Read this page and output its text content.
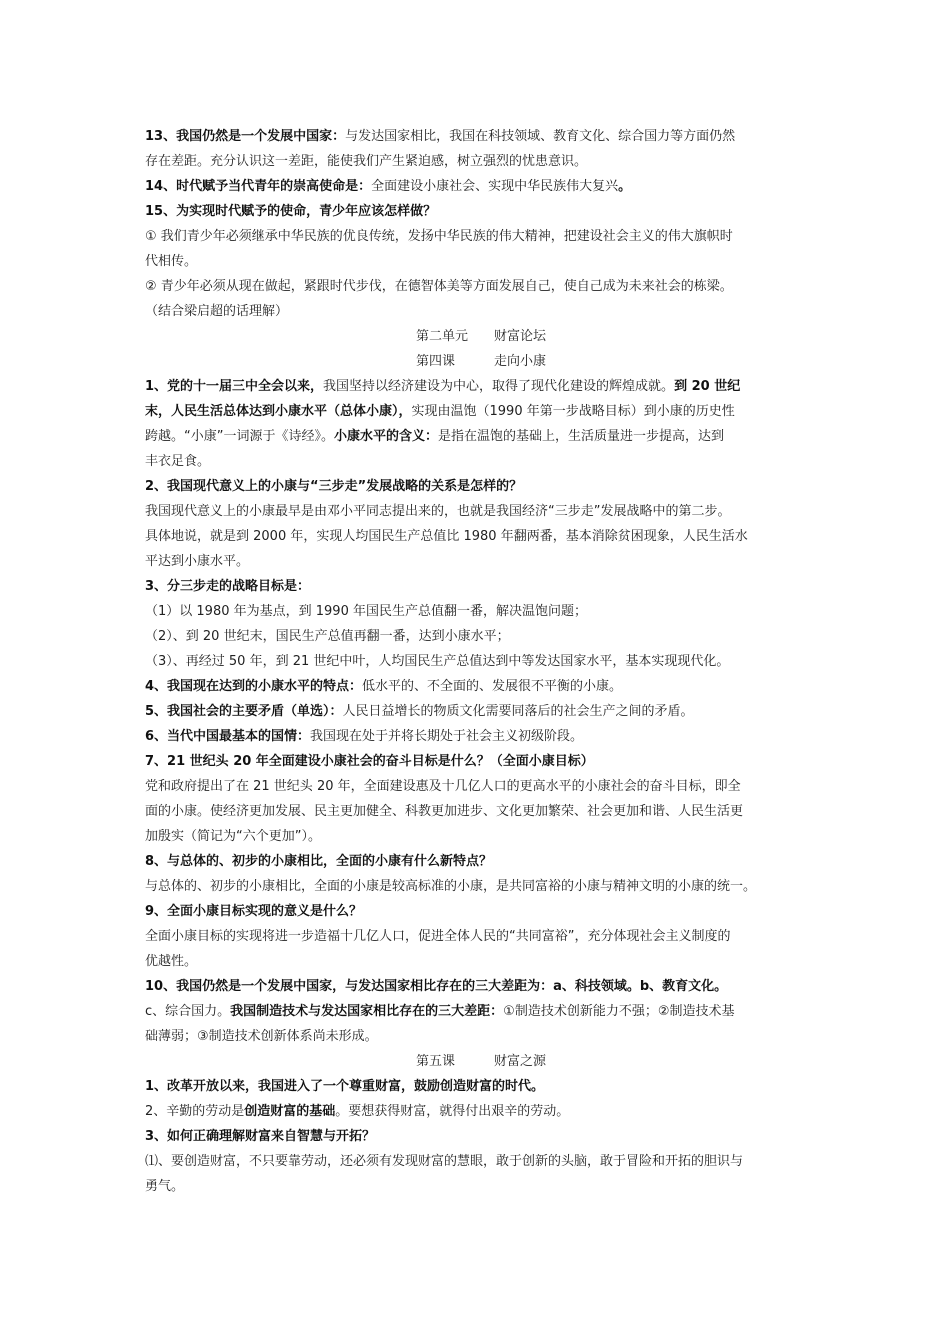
13、我国仍然是一个发展中国家：与发达国家相比，我国在科技领域、教育文化、综合国力等方面仍然
存在差距。充分认识这一差距，能使我们产生紧迫感，树立强烈的忧患意识。
14、时代赋予当代青年的崇高使命是：全面建设小康社会、实现中华民族伟大复兴。
15、为实现时代赋予的使命，青少年应该怎样做？
① 我们青少年必须继承中华民族的优良传统，发扬中华民族的伟大精神，把建设社会主义的伟大旗帜时
代相传。
② 青少年必须从现在做起，紧跟时代步伐，在德智体美等方面发展自己，使自己成为未来社会的栋梁。
（结合梁启超的话理解）
第二单元　　财富论坛
第四课　　　走向小康
1、党的十一届三中全会以来，我国坚持以经济建设为中心，取得了现代化建设的辉煌成就。到 20 世纪
末，人民生活总体达到小康水平（总体小康），实现由温饱（1990 年第一步战略目标）到小康的历史性
跨越。“小康”一词源于《诗经》。小康水平的含义：是指在温饱的基础上，生活质量进一步提高，达到
丰衣足食。
2、我国现代意义上的小康与“三步走”发展战略的关系是怎样的？
我国现代意义上的小康最早是由邓小平同志提出来的，也就是我国经济“三步走”发展战略中的第二步。
具体地说，就是到 2000 年，实现人均国民生产总值比 1980 年翻两番，基本消除贫困现象，人民生活水
平达到小康水平。
3、分三步走的战略目标是：
（1）以 1980 年为基点，到 1990 年国民生产总值翻一番，解决温饱问题；
（2）、到 20 世纪末，国民生产总值再翻一番，达到小康水平；
（3）、再经过 50 年，到 21 世纪中叶，人均国民生产总值达到中等发达国家水平，基本实现现代化。
4、我国现在达到的小康水平的特点：低水平的、不全面的、发展很不平衡的小康。
5、我国社会的主要矛盾（单选）：人民日益增长的物质文化需要同落后的社会生产之间的矛盾。
6、当代中国最基本的国情：我国现在处于并将长期处于社会主义初级阶段。
7、21 世纪头 20 年全面建设小康社会的奋斗目标是什么？（全面小康目标）
党和政府提出了在 21 世纪头 20 年，全面建设惠及十几亿人口的更高水平的小康社会的奋斗目标，即全
面的小康。使经济更加发展、民主更加健全、科教更加进步、文化更加繁荣、社会更加和谐、人民生活更
加殷实（简记为“六个更加”）。
8、与总体的、初步的小康相比，全面的小康有什么新特点？
与总体的、初步的小康相比，全面的小康是较高标准的小康，是共同富裕的小康与精神文明的小康的统一。
9、全面小康目标实现的意义是什么？
全面小康目标的实现将进一步造福十几亿人口，促进全体人民的“共同富裕”，充分体现社会主义制度的
优越性。
10、我国仍然是一个发展中国家，与发达国家相比存在的三大差距为：a、科技领域。b、教育文化。
c、综合国力。我国制造技术与发达国家相比存在的三大差距：①制造技术创新能力不强；②制造技术基
础薄弱；③制造技术创新体系尚未形成。
第五课　　　财富之源
1、改革开放以来，我国进入了一个尊重财富，鼓励创造财富的时代。
2、辛勤的劳动是创造财富的基础。要想获得财富，就得付出艰辛的劳动。
3、如何正确理解财富来自智慧与开拓？
⑴、要创造财富，不只要靠劳动，还必须有发现财富的慧眼，敢于创新的头脑，敢于冒险和开拓的胆识与
勇气。
